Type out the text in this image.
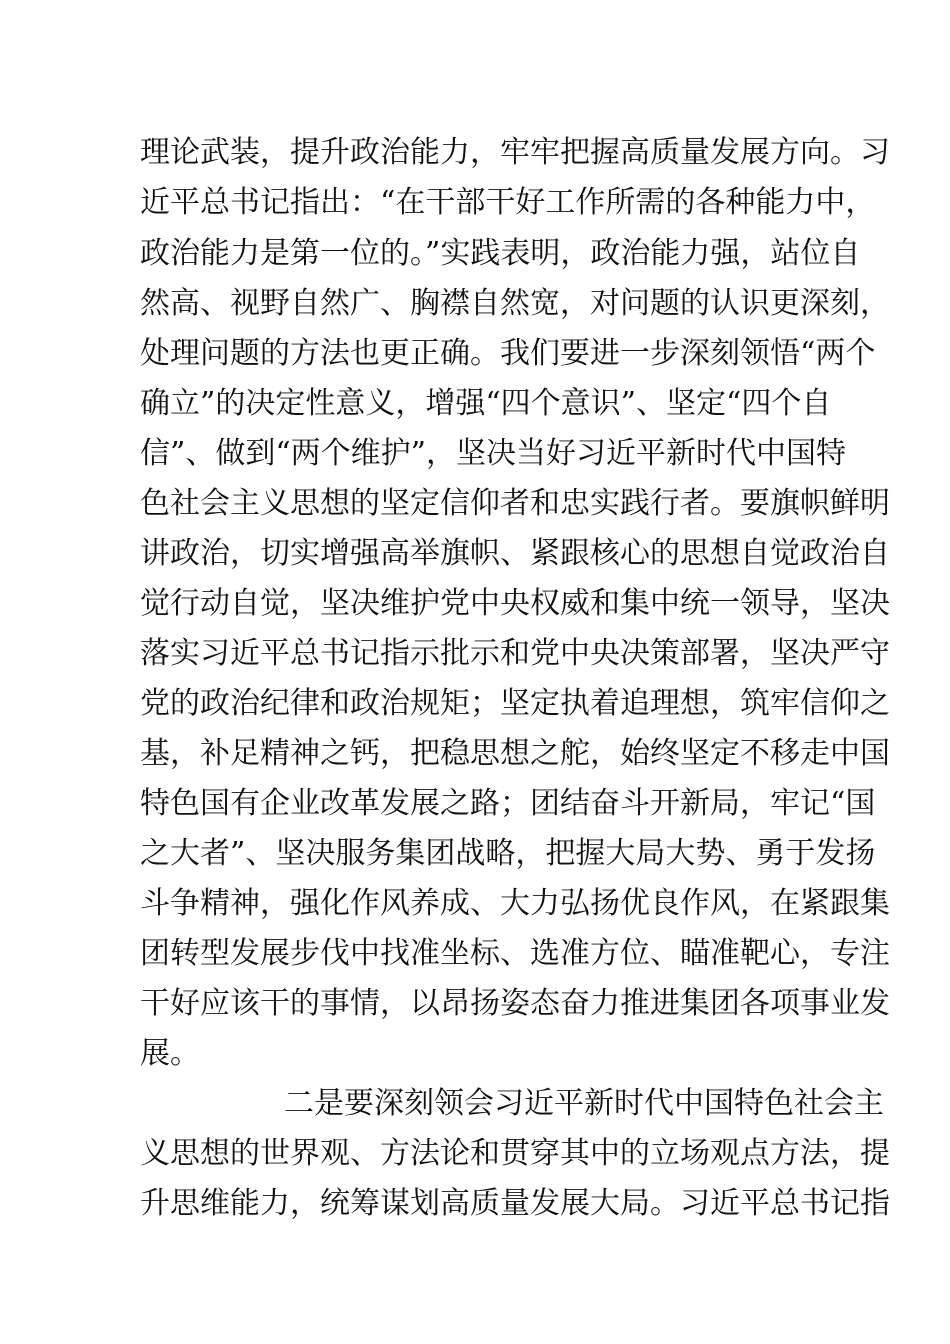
理论武装，提升政治能力，牢牢把握高质量发展方向。习
近平总书记指出：“在干部干好工作所需的各种能力中，
政治能力是第一位的。”实践表明，政治能力强，站位自
然高、视野自然广、胸襟自然宽，对问题的认识更深刻，
处理问题的方法也更正确。我们要进一步深刻领悟“两个
确立”的决定性意义，增强“四个意识”、坚定“四个自
信”、做到“两个维护”，坚决当好习近平新时代中国特
色社会主义思想的坚定信仰者和忠实践行者。要旗帜鲜明
讲政治，切实增强高举旗帜、紧跟核心的思想自觉政治自
觉行动自觉，坚决维护党中央权威和集中统一领导，坚决
落实习近平总书记指示批示和党中央决策部署，坚决严守
党的政治纪律和政治规矩；坚定执着追理想，筑牢信仰之
基，补足精神之钙，把稳思想之舵，始终坚定不移走中国
特色国有企业改革发展之路；团结奋斗开新局，牢记“国
之大者”、坚决服务集团战略，把握大局大势、勇于发扬
斗争精神，强化作风养成、大力弘扬优良作风，在紧跟集
团转型发展步伐中找准坐标、选准方位、瞄准靶心，专注
干好应该干的事情，以昂扬姿态奋力推进集团各项事业发
展。
二是要深刻领会习近平新时代中国特色社会主
义思想的世界观、方法论和贯穿其中的立场观点方法，提
升思维能力，统筹谋划高质量发展大局。习近平总书记指
